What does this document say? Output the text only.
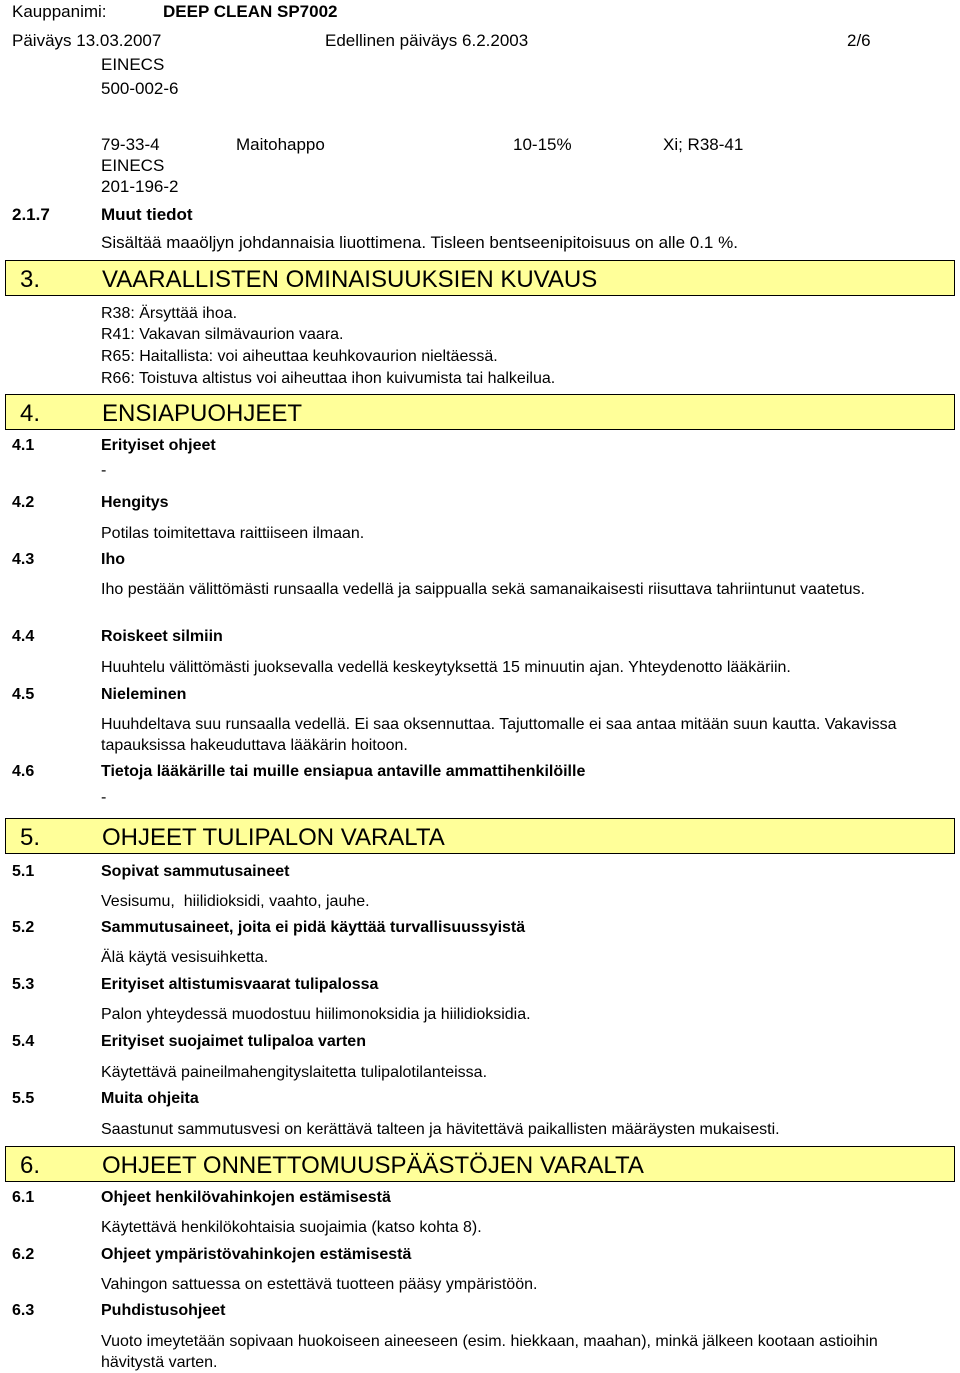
Kauppanimi:	DEEP CLEAN SP7002
Päiväys 13.03.2007	Edellinen päiväys 6.2.2003	2/6
EINECS
500-002-6
79-33-4	Maitohappo	10-15%	Xi; R38-41
EINECS
201-196-2
2.1.7	Muut tiedot
Sisältää maaöljyn johdannaisia liuottimena. Tisleen bentseenipitoisuus on alle 0.1 %.
3.	VAARALLISTEN OMINAISUUKSIEN KUVAUS
R38: Ärsyttää ihoa.
R41: Vakavan silmävaurion vaara.
R65: Haitallista: voi aiheuttaa keuhkovaurion nieltäessä.
R66: Toistuva altistus voi aiheuttaa ihon kuivumista tai halkeilua.
4.	ENSIAPUOHJEET
4.1	Erityiset ohjeet
-
4.2	Hengitys
Potilas toimitettava raittiiseen ilmaan.
4.3	Iho
Iho pestään välittömästi runsaalla vedellä ja saippualla sekä samanaikaisesti riisuttava tahriintunut vaatetus.
4.4	Roiskeet silmiin
Huuhtelu välittömästi juoksevalla vedellä keskeytyksettä 15 minuutin ajan. Yhteydenotto lääkäriin.
4.5	Nieleminen
Huuhdeltava suu runsaalla vedellä. Ei saa oksennuttaa. Tajuttomalle ei saa antaa mitään suun kautta. Vakavissa tapauksissa hakeuduttava lääkärin hoitoon.
4.6	Tietoja lääkärille tai muille ensiapua antaville ammattihenkilöille
-
5.	OHJEET TULIPALON VARALTA
5.1	Sopivat sammutusaineet
Vesisumu,  hiilidioksidi, vaahto, jauhe.
5.2	Sammutusaineet, joita ei pidä käyttää turvallisuussyistä
Älä käytä vesisuihketta.
5.3	Erityiset altistumisvaarat tulipalossa
Palon yhteydessä muodostuu hiilimonoksidia ja hiilidioksidia.
5.4	Erityiset suojaimet tulipaloa varten
Käytettävä paineilmahengityslaitetta tulipalotilanteissa.
5.5	Muita ohjeita
Saastunut sammutusvesi on kerättävä talteen ja hävitettävä paikallisten määräysten mukaisesti.
6.	OHJEET ONNETTOMUUSPÄÄSTÖJEN VARALTA
6.1	Ohjeet henkilövahinkojen estämisestä
Käytettävä henkilökohtaisia suojaimia (katso kohta 8).
6.2	Ohjeet ympäristövahinkojen estämisestä
Vahingon sattuessa on estettävä tuotteen pääsy ympäristöön.
6.3	Puhdistusohjeet
Vuoto imeytetään sopivaan huokoiseen aineeseen (esim. hiekkaan, maahan), minkä jälkeen kootaan astioihin hävitystä varten.
